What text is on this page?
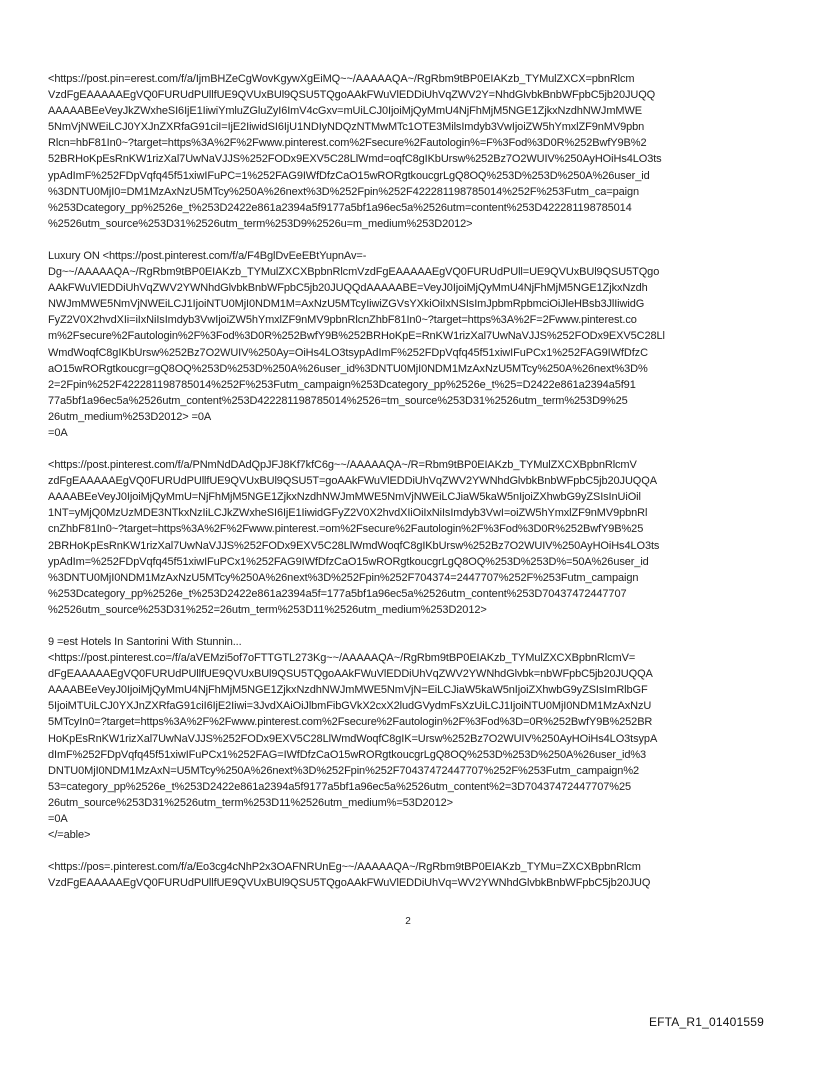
<https://post.pin=erest.com/f/a/IjmBHZeCgWovKgywXgEiMQ~~/AAAAAQA~/RgRbm9tBP0EIAKzb_TYMulZXCX=pbnRlcm
VzdFgEAAAAAEgVQ0FURUdPUllfUE9QVUxBUl9QSU5TQgoAAkFWuVlEDDiUhVqZWV2Y=NhdGlvbkBnbWFpbC5jb20JUQQ
AAAAABEeVeyJkZWxheSI6IjE1IiwiYmluZGluZyI6ImV4cGxv=mUiLCJ0IjoiMjQyMmU4NjFhMjM5NGE1ZjkxNzdhNWJmMWE
5NmVjNWEiLCJ0YXJnZXRfaG91ciI=IjE2IiwidSI6IjU1NDIyNDQzNTMwMTc1OTE3MilsImdyb3VwIjoiZW5hYmxlZF9nMV9pbn
Rlcn=hbF81In0~?target=https%3A%2F%2Fwww.pinterest.com%2Fsecure%2Fautologin%=F%3Fod%3D0R%252BwfY9B%2
52BRHoKpEsRnKW1rizXal7UwNaVJJS%252FODx9EXV5C28LlWmd=oqfC8gIKbUrsw%252Bz7O2WUIV%250AyHOiHs4LO3ts
ypAdImF%252FDpVqfq45f51xiwIFuPC=1%252FAG9IWfDfzCaO15wRORgtkoucgrLgQ8OQ%253D%253D%250A%26user_id
%3DNTU0MjI0=DM1MzAxNzU5MTcy%250A%26next%3D%252Fpin%252F422281198785014%252F%253Futm_ca=paign
%253Dcategory_pp%2526e_t%253D2422e861a2394a5f9177a5bf1a96ec5a%2526utm=content%253D422281198785014
%2526utm_source%253D31%2526utm_term%253D9%2526u=m_medium%253D2012>
Luxury ON <https://post.pinterest.com/f/a/F4BglDvEeEBtYupnAv=-
Dg~~/AAAAAQA~/RgRbm9tBP0EIAKzb_TYMulZXCXBpbnRlcmVzdFgEAAAAAEgVQ0FURUdPUll=UE9QVUxBUl9QSU5TQgo
AAkFWuVlEDDiUhVqZWV2YWNhdGlvbkBnbWFpbC5jb20JUQQdAAAAABE=VeyJ0IjoiMjQyMmU4NjFhMjM5NGE1ZjkxNzdh
NWJmMWE5NmVjNWEiLCJ1IjoiNTU0MjI0NDM1M=AxNzU5MTcyIiwiZGVsYXkiOiIxNSIsImJpbmRpbmciOiJleHBsb3JlIiwidG
FyZ2V0X2hvdXIi=iIxNiIsImdyb3VwIjoiZW5hYmxlZF9nMV9pbnRlcnZhbF81In0~?target=https%3A%2F=2Fwww.pinterest.co
m%2Fsecure%2Fautologin%2F%3Fod%3D0R%252BwfY9B%252BRHoKpE=RnKW1rizXal7UwNaVJJS%252FODx9EXV5C28Ll
WmdWoqfC8gIKbUrsw%252Bz7O2WUIV%250Ay=OiHs4LO3tsypAdImF%252FDpVqfq45f51xiwIFuPCx1%252FAG9IWfDfzC
aO15wRORgtkoucgr=gQ8OQ%253D%253D%250A%26user_id%3DNTU0MjI0NDM1MzAxNzU5MTcy%250A%26next%3D%
2=2Fpin%252F422281198785014%252F%253Futm_campaign%253Dcategory_pp%2526e_t%25=D2422e861a2394a5f91
77a5bf1a96ec5a%2526utm_content%253D422281198785014%2526=tm_source%253D31%2526utm_term%253D9%25
26utm_medium%253D2012> =0A
=0A
<https://post.pinterest.com/f/a/PNmNdDAdQpJFJ8Kf7kfC6g~~/AAAAAQA~/R=Rbm9tBP0EIAKzb_TYMulZXCXBpbnRlcmV
zdFgEAAAAAEgVQ0FURUdPUllfUE9QVUxBUl9QSU5T=goAAkFWuVlEDDiUhVqZWV2YWNhdGlvbkBnbWFpbC5jb20JUQQA
AAAABEeVeyJ0IjoiMjQyMmU=NjFhMjM5NGE1ZjkxNzdhNWJmMWE5NmVjNWEiLCJiaW5kaW5nIjoiZXhwbG9yZSIsInUiOil
1NT=yMjQ0MzUzMDE3NTkxNzIiLCJkZWxheSI6IjE1IiwidGFyZ2V0X2hvdXIiOiIxNiIsImdyb3VwI=oiZW5hYmxlZF9nMV9pbnRl
cnZhbF81In0~?target=https%3A%2F%2Fwww.pinterest.=om%2Fsecure%2Fautologin%2F%3Fod%3D0R%252BwfY9B%25
2BRHoKpEsRnKW1rizXal7UwNaVJJS%252FODx9EXV5C28LlWmdWoqfC8gIKbUrsw%252Bz7O2WUIV%250AyHOiHs4LO3ts
ypAdIm=%252FDpVqfq45f51xiwIFuPCx1%252FAG9IWfDfzCaO15wRORgtkoucgrLgQ8OQ%253D%253D%=50A%26user_id
%3DNTU0MjI0NDM1MzAxNzU5MTcy%250A%26next%3D%252Fpin%252F704374=2447707%252F%253Futm_campaign
%253Dcategory_pp%2526e_t%253D2422e861a2394a5f=177a5bf1a96ec5a%2526utm_content%253D70437472447707
%2526utm_source%253D31%252=26utm_term%253D11%2526utm_medium%253D2012>
9 =est Hotels In Santorini With Stunnin...
<https://post.pinterest.co=/f/a/aVEMzi5of7oFTTGTL273Kg~~/AAAAAQA~/RgRbm9tBP0EIAKzb_TYMulZXCXBpbnRlcmV=
dFgEAAAAAEgVQ0FURUdPUllfUE9QVUxBUl9QSU5TQgoAAkFWuVlEDDiUhVqZWV2YWNhdGlvbk=nbWFpbC5jb20JUQQA
AAAABEeVeyJ0IjoiMjQyMmU4NjFhMjM5NGE1ZjkxNzdhNWJmMWE5NmVjN=EiLCJiaW5kaW5nIjoiZXhwbG9yZSIsImRlbGF
5IjoiMTUiLCJ0YXJnZXRfaG91ciI6IjE2Iiwi=3JvdXAiOiJlbmFibGVkX2cxX2ludGVydmFsXzUiLCJ1IjoiNTU0MjI0NDM1MzAxNzU
5MTcyIn0=?target=https%3A%2F%2Fwww.pinterest.com%2Fsecure%2Fautologin%2F%3Fod%3D=0R%252BwfY9B%252BR
HoKpEsRnKW1rizXal7UwNaVJJS%252FODx9EXV5C28LlWmdWoqfC8gIK=Ursw%252Bz7O2WUIV%250AyHOiHs4LO3tsypA
dImF%252FDpVqfq45f51xiwIFuPCx1%252FAG=IWfDfzCaO15wRORgtkoucgrLgQ8OQ%253D%253D%250A%26user_id%3
DNTU0MjI0NDM1MzAxN=U5MTcy%250A%26next%3D%252Fpin%252F70437472447707%252F%253Futm_campaign%2
53=category_pp%2526e_t%253D2422e861a2394a5f9177a5bf1a96ec5a%2526utm_content%2=3D70437472447707%25
26utm_source%253D31%2526utm_term%253D11%2526utm_medium%=53D2012>
=0A
</=able>
<https://pos=.pinterest.com/f/a/Eo3cg4cNhP2x3OAFNRUnEg~~/AAAAAQA~/RgRbm9tBP0EIAKzb_TYMu=ZXCXBpbnRlcm
VzdFgEAAAAAEgVQ0FURUdPUllfUE9QVUxBUl9QSU5TQgoAAkFWuVlEDDiUhVq=WV2YWNhdGlvbkBnbWFpbC5jb20JUQ
2
EFTA_R1_01401559
